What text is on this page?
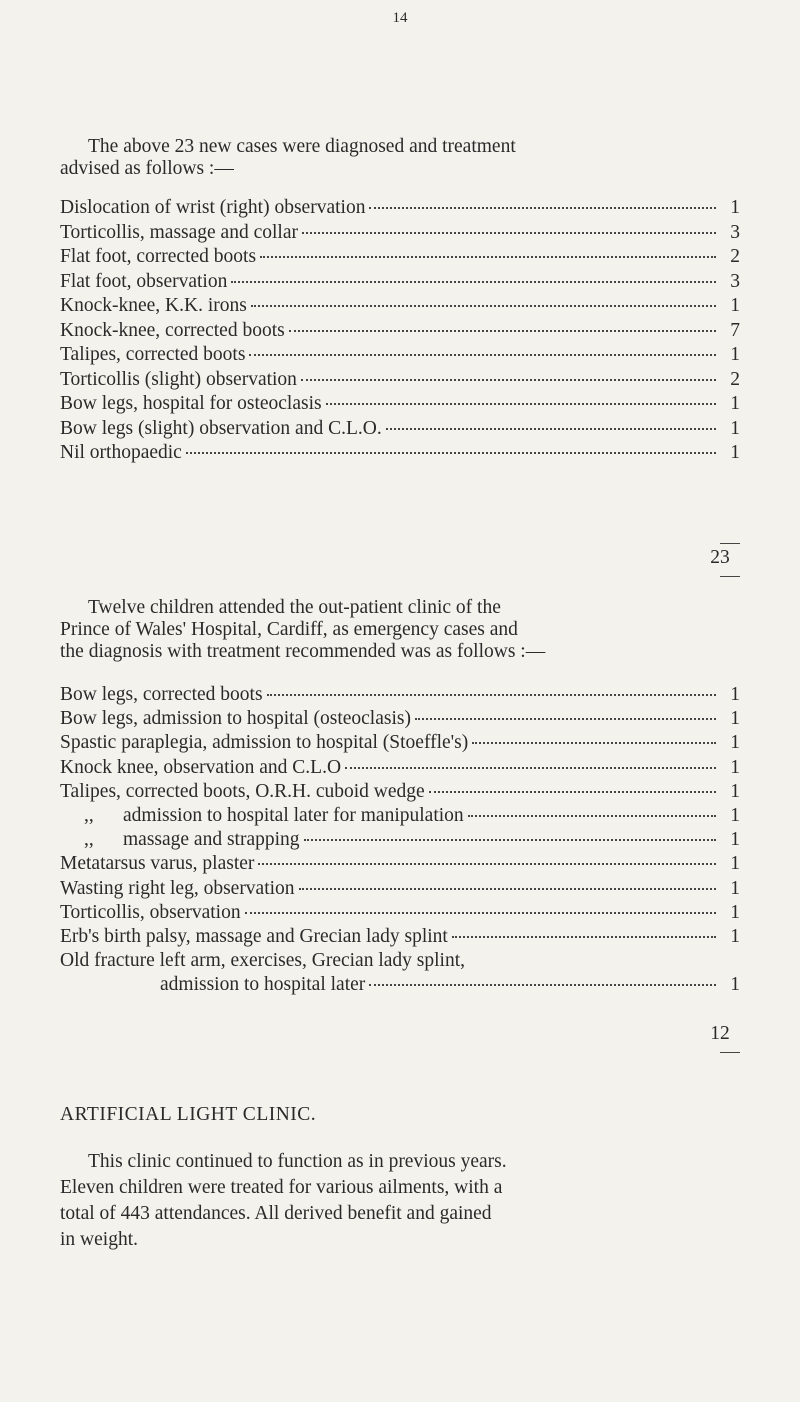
14
The above 23 new cases were diagnosed and treatment
advised as follows :—
Dislocation of wrist (right) observation	1
Torticollis, massage and collar	3
Flat foot, corrected boots	2
Flat foot, observation	3
Knock-knee, K.K. irons	1
Knock-knee, corrected boots	7
Talipes, corrected boots	1
Torticollis (slight) observation	2
Bow legs, hospital for osteoclasis	1
Bow legs (slight) observation and C.L.O.	1
Nil orthopaedic	1
23
Twelve children attended the out-patient clinic of the
Prince of Wales' Hospital, Cardiff, as emergency cases and
the diagnosis with treatment recommended was as follows :—
Bow legs, corrected boots	1
Bow legs, admission to hospital (osteoclasis)	1
Spastic paraplegia, admission to hospital (Stoeffle's)	1
Knock knee, observation and C.L.O	1
Talipes, corrected boots, O.R.H. cuboid wedge	1
,,      admission to hospital later for manipulation	1
,,      massage and strapping	1
Metatarsus varus, plaster	1
Wasting right leg, observation	1
Torticollis, observation	1
Erb's birth palsy, massage and Grecian lady splint	1
Old fracture left arm, exercises, Grecian lady splint,
admission to hospital later	1
12
ARTIFICIAL LIGHT CLINIC.
This clinic continued to function as in previous years.
Eleven children were treated for various ailments, with a
total of 443 attendances. All derived benefit and gained
in weight.
